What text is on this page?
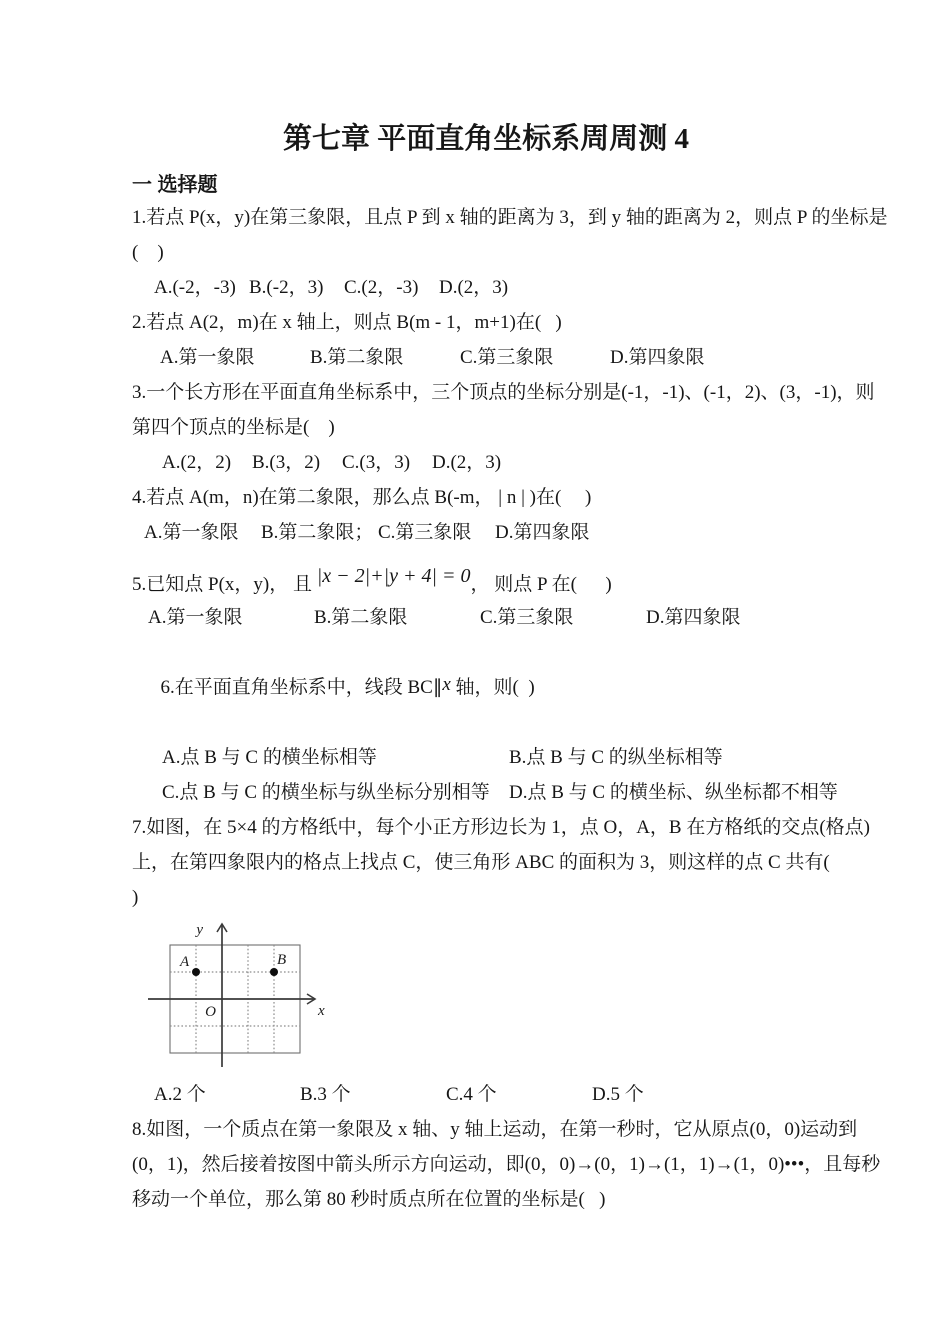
第七章 平面直角坐标系周周测 4
一 选择题
1.若点 P(x，y)在第三象限，且点 P 到 x 轴的距离为 3，到 y 轴的距离为 2，则点 P 的坐标是
(    )
A.(-2，-3) B.(-2，3)	C.(2，-3)	D.(2，3)
2.若点 A(2，m)在 x 轴上，则点 B(m - 1，m+1)在(   )
A.第一象限	B.第二象限	C.第三象限	D.第四象限
3.一个长方形在平面直角坐标系中，三个顶点的坐标分别是(-1，-1)、(-1，2)、(3，-1)，则
第四个顶点的坐标是(    )
A.(2，2)	B.(3，2)	C.(3，3)	D.(2，3)
4.若点 A(m，n)在第二象限，那么点 B(-m， | n | )在(     )
A.第一象限	B.第二象限； C.第三象限	D.第四象限
5.已知点 P(x，y)， 且 |x − 2|+|y + 4| = 0 ， 则点 P 在(      )
A.第一象限	B.第二象限	C.第三象限	D.第四象限

6.在平面直角坐标系中，线段 BC∥x 轴，则(  )

A.点 B 与 C 的横坐标相等	B.点 B 与 C 的纵坐标相等
C.点 B 与 C 的横坐标与纵坐标分别相等	D.点 B 与 C 的横坐标、纵坐标都不相等
7.如图，在 5×4 的方格纸中，每个小正方形边长为 1，点 O，A，B 在方格纸的交点(格点)
上，在第四象限内的格点上找点 C，使三角形 ABC 的面积为 3，则这样的点 C 共有(
)
y
x
O
A	B
A.2 个	B.3 个	C.4 个	D.5 个
8.如图，一个质点在第一象限及 x 轴、y 轴上运动，在第一秒时，它从原点(0，0)运动到
(0，1)，然后接着按图中箭头所示方向运动，即(0，0)→(0，1)→(1，1)→(1，0)•••，且每秒
移动一个单位，那么第 80 秒时质点所在位置的坐标是(   )
